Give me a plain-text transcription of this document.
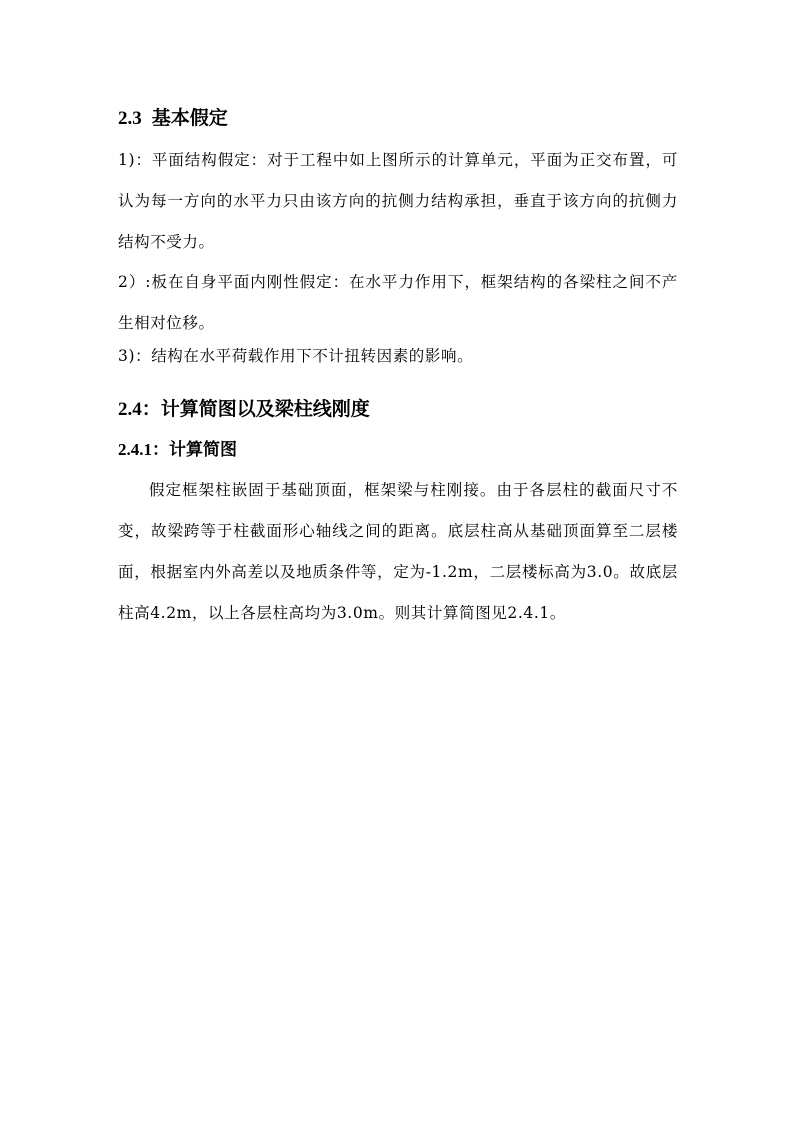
2.3 基本假定

1)：平面结构假定：对于工程中如上图所示的计算单元，平面为正交布置，可认为每一方向的水平力只由该方向的抗侧力结构承担，垂直于该方向的抗侧力结构不受力。

2）:板在自身平面内刚性假定：在水平力作用下，框架结构的各梁柱之间不产生相对位移。

3)：结构在水平荷载作用下不计扭转因素的影响。

2.4：计算简图以及梁柱线刚度
2.4.1：计算简图

假定框架柱嵌固于基础顶面，框架梁与柱刚接。由于各层柱的截面尺寸不变，故梁跨等于柱截面形心轴线之间的距离。底层柱高从基础顶面算至二层楼面，根据室内外高差以及地质条件等，定为-1.2m，二层楼标高为3.0。故底层柱高4.2m，以上各层柱高均为3.0m。则其计算简图见2.4.1。
